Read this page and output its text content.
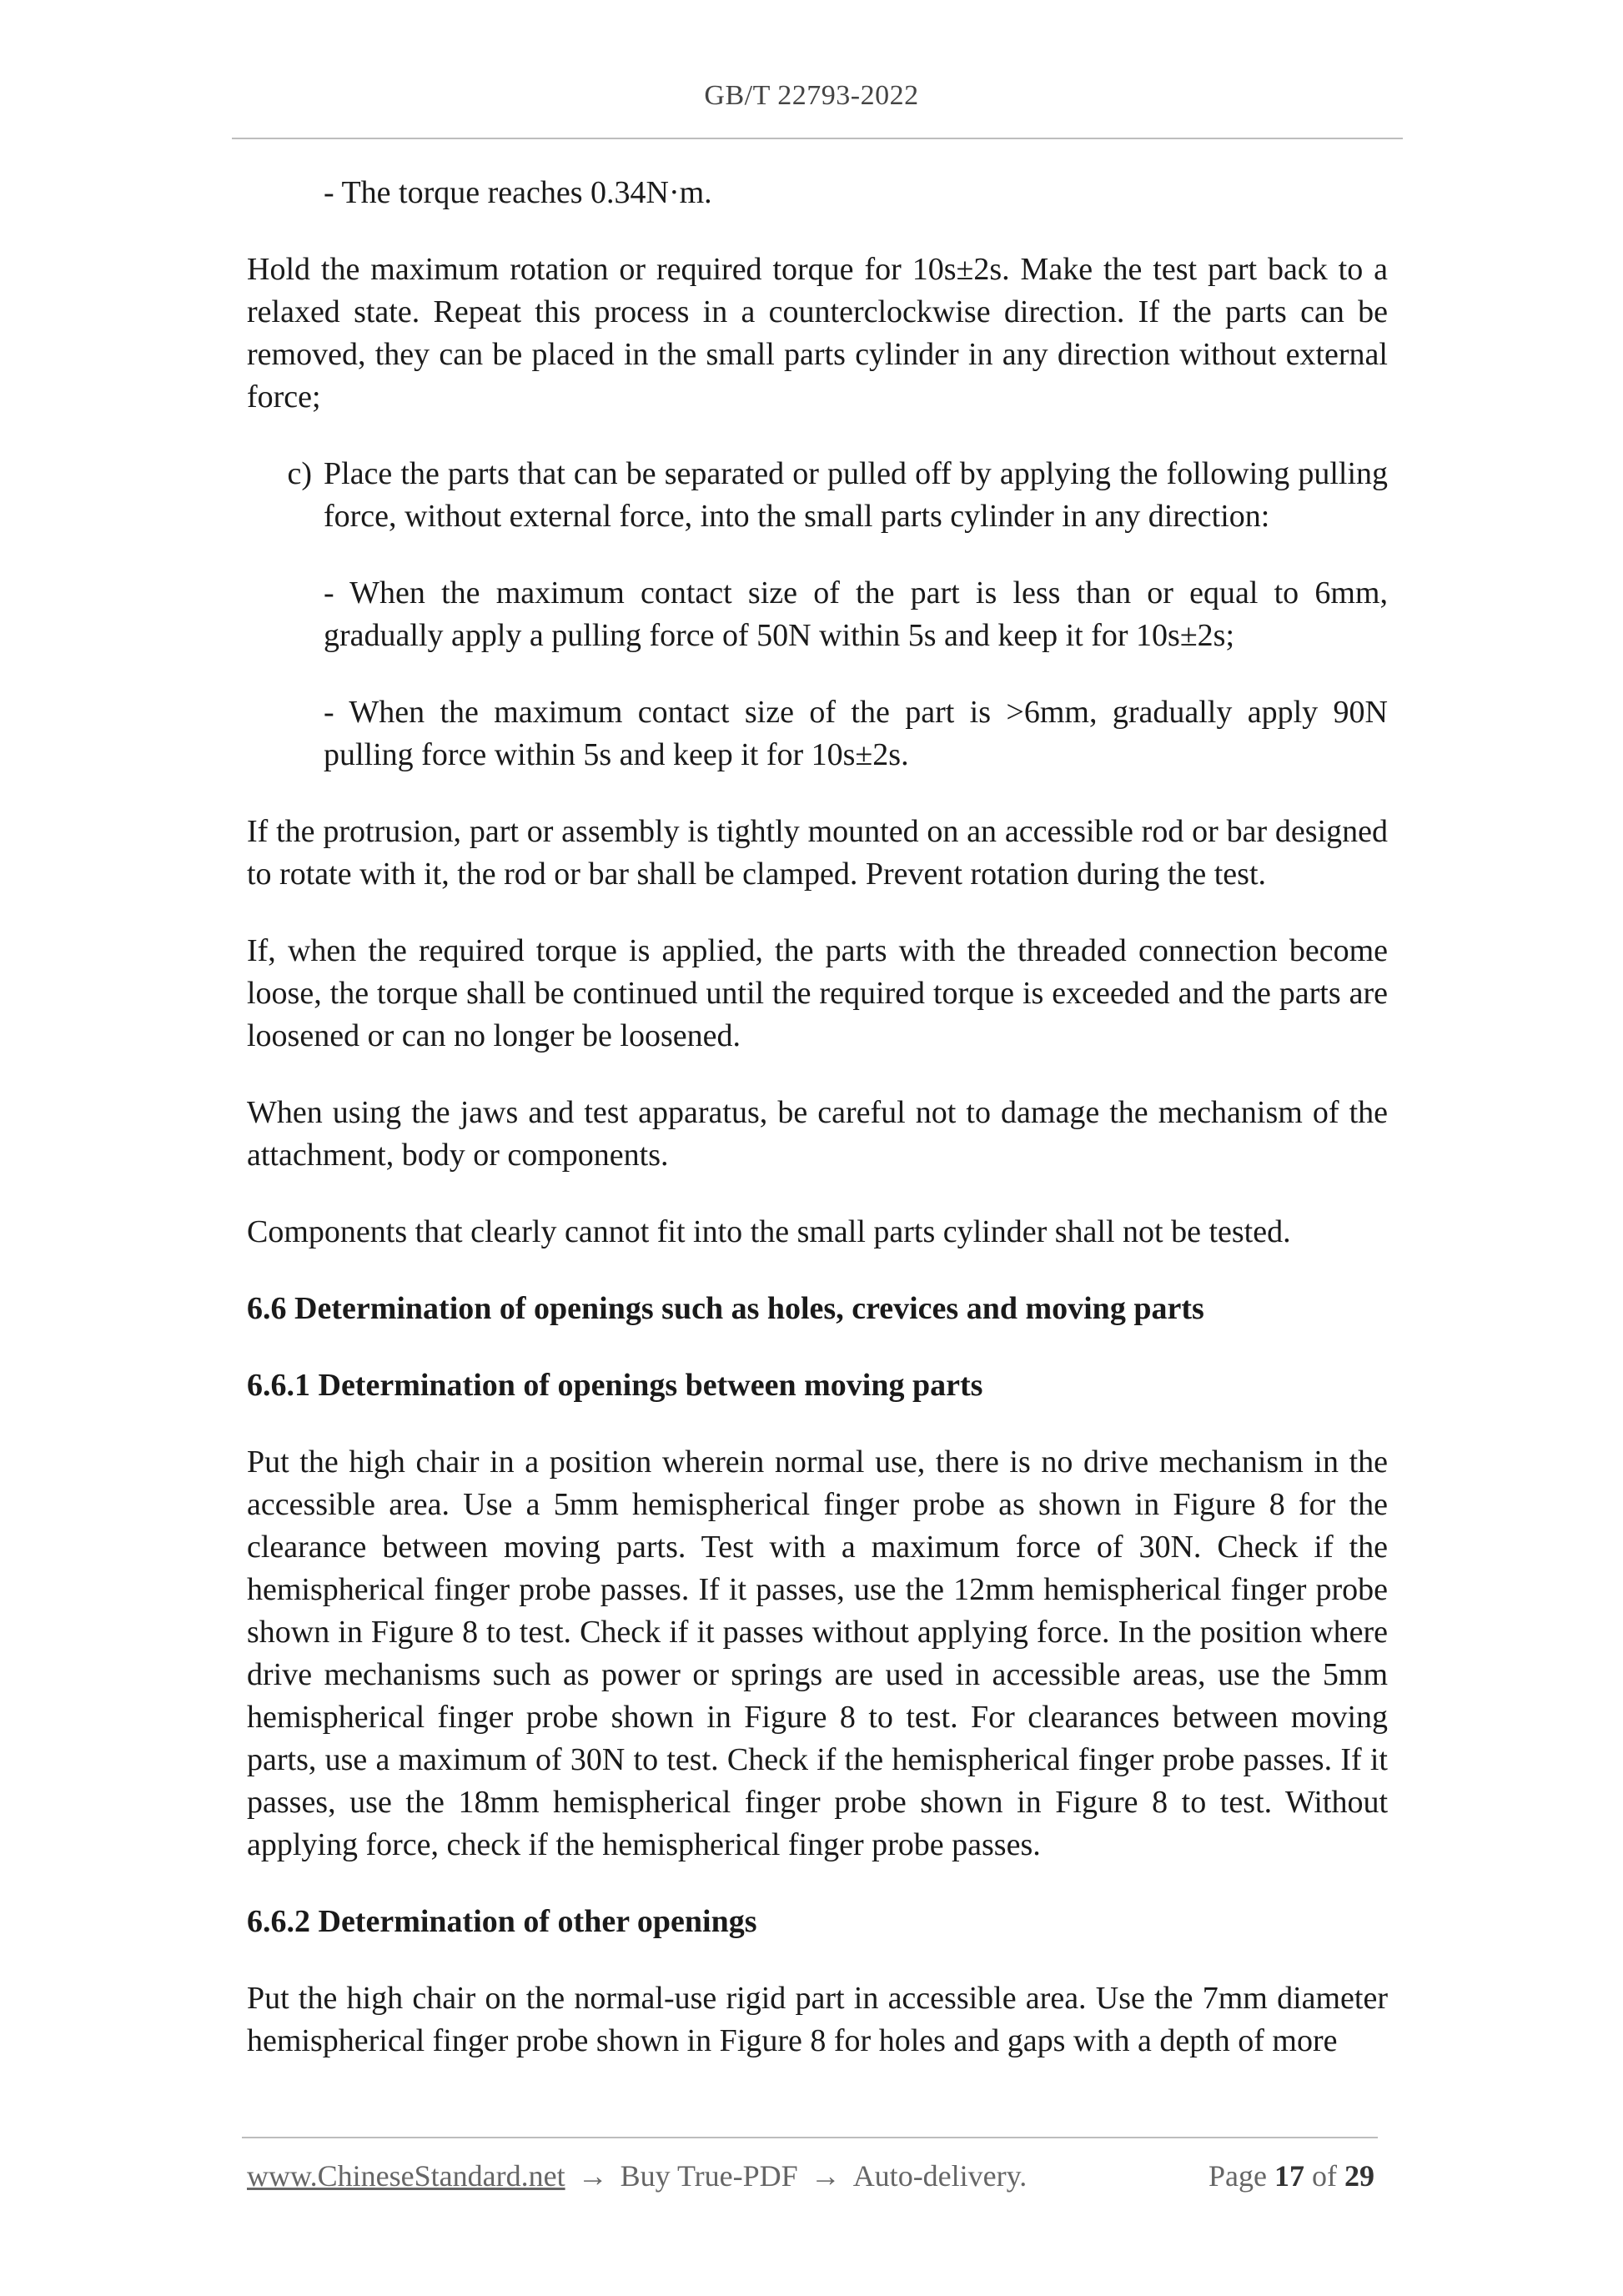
GB/T 22793-2022

- The torque reaches 0.34N·m.

Hold the maximum rotation or required torque for 10s±2s. Make the test part back to a relaxed state. Repeat this process in a counterclockwise direction. If the parts can be removed, they can be placed in the small parts cylinder in any direction without external force;

c) Place the parts that can be separated or pulled off by applying the following pulling force, without external force, into the small parts cylinder in any direction:

- When the maximum contact size of the part is less than or equal to 6mm, gradually apply a pulling force of 50N within 5s and keep it for 10s±2s;

- When the maximum contact size of the part is >6mm, gradually apply 90N pulling force within 5s and keep it for 10s±2s.

If the protrusion, part or assembly is tightly mounted on an accessible rod or bar designed to rotate with it, the rod or bar shall be clamped. Prevent rotation during the test.

If, when the required torque is applied, the parts with the threaded connection become loose, the torque shall be continued until the required torque is exceeded and the parts are loosened or can no longer be loosened.

When using the jaws and test apparatus, be careful not to damage the mechanism of the attachment, body or components.

Components that clearly cannot fit into the small parts cylinder shall not be tested.

6.6 Determination of openings such as holes, crevices and moving parts
6.6.1 Determination of openings between moving parts

Put the high chair in a position wherein normal use, there is no drive mechanism in the accessible area. Use a 5mm hemispherical finger probe as shown in Figure 8 for the clearance between moving parts. Test with a maximum force of 30N. Check if the hemispherical finger probe passes. If it passes, use the 12mm hemispherical finger probe shown in Figure 8 to test. Check if it passes without applying force. In the position where drive mechanisms such as power or springs are used in accessible areas, use the 5mm hemispherical finger probe shown in Figure 8 to test. For clearances between moving parts, use a maximum of 30N to test. Check if the hemispherical finger probe passes. If it passes, use the 18mm hemispherical finger probe shown in Figure 8 to test. Without applying force, check if the hemispherical finger probe passes.

6.6.2 Determination of other openings

Put the high chair on the normal-use rigid part in accessible area. Use the 7mm diameter hemispherical finger probe shown in Figure 8 for holes and gaps with a depth of more

www.ChineseStandard.net → Buy True-PDF → Auto-delivery.	Page 17 of 29
